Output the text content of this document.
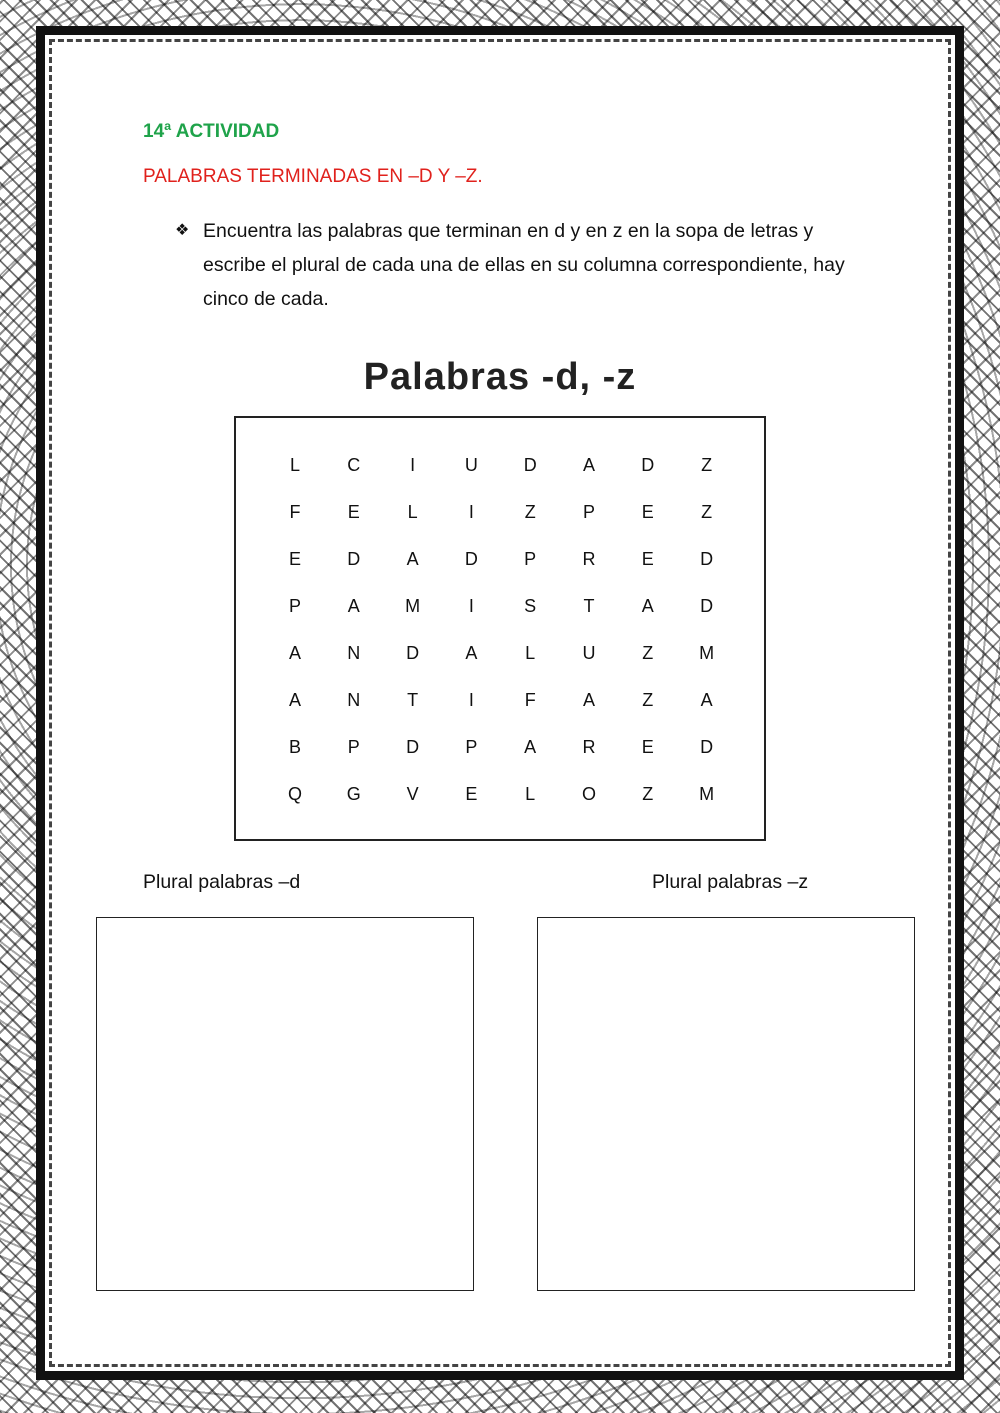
14ª ACTIVIDAD
PALABRAS TERMINADAS EN –D Y –Z.
❖ Encuentra las palabras que terminan en d y en z en la sopa de letras y escribe el plural de cada una de ellas en su columna correspondiente, hay cinco de cada.
Palabras -d, -z
L	C	I	U	D	A	D	Z
F	E	L	I	Z	P	E	Z
E	D	A	D	P	R	E	D
P	A	M	I	S	T	A	D
A	N	D	A	L	U	Z	M
A	N	T	I	F	A	Z	A
B	P	D	P	A	R	E	D
Q	G	V	E	L	O	Z	M
Plural palabras –d	Plural palabras –z
